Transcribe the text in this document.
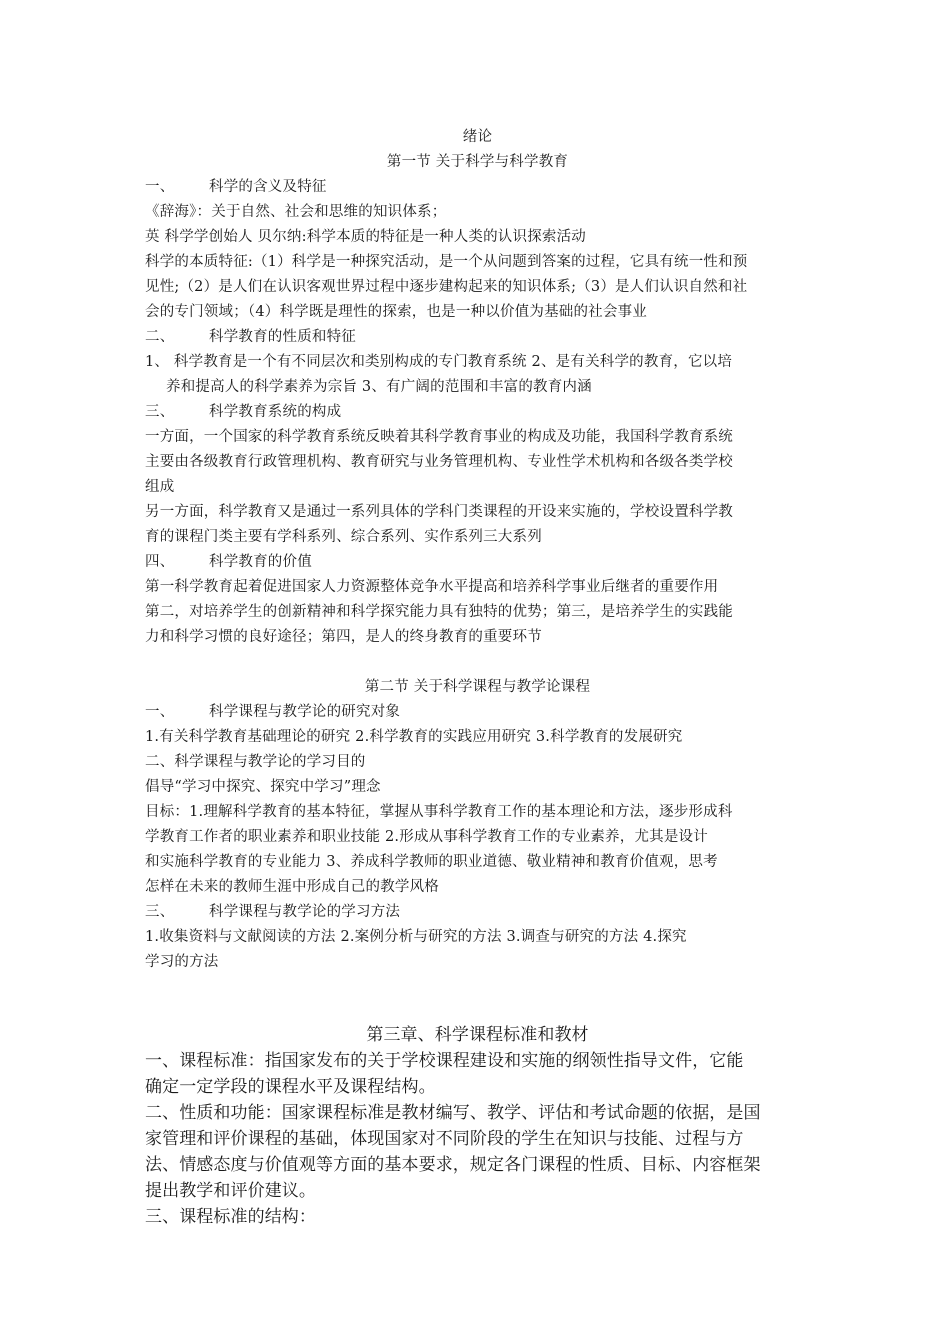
绪论
第一节 关于科学与科学教育
一、 科学的含义及特征
《辞海》：关于自然、社会和思维的知识体系；
英 科学学创始人 贝尔纳:科学本质的特征是一种人类的认识探索活动
科学的本质特征:（1）科学是一种探究活动，是一个从问题到答案的过程，它具有统一性和预
见性;（2）是人们在认识客观世界过程中逐步建构起来的知识体系;（3）是人们认识自然和社
会的专门领域；（4）科学既是理性的探索，也是一种以价值为基础的社会事业
二、 科学教育的性质和特征
1、 科学教育是一个有不同层次和类别构成的专门教育系统 2、是有关科学的教育，它以培
养和提高人的科学素养为宗旨 3、有广阔的范围和丰富的教育内涵
三、 科学教育系统的构成
一方面，一个国家的科学教育系统反映着其科学教育事业的构成及功能，我国科学教育系统
主要由各级教育行政管理机构、教育研究与业务管理机构、专业性学术机构和各级各类学校
组成
另一方面，科学教育又是通过一系列具体的学科门类课程的开设来实施的，学校设置科学教
育的课程门类主要有学科系列、综合系列、实作系列三大系列
四、 科学教育的价值
第一科学教育起着促进国家人力资源整体竞争水平提高和培养科学事业后继者的重要作用
第二，对培养学生的创新精神和科学探究能力具有独特的优势；第三，是培养学生的实践能
力和科学习惯的良好途径；第四，是人的终身教育的重要环节
第二节 关于科学课程与教学论课程
一、 科学课程与教学论的研究对象
1.有关科学教育基础理论的研究 2.科学教育的实践应用研究 3.科学教育的发展研究
二、科学课程与教学论的学习目的
倡导“学习中探究、探究中学习”理念
目标：1.理解科学教育的基本特征，掌握从事科学教育工作的基本理论和方法，逐步形成科
学教育工作者的职业素养和职业技能 2.形成从事科学教育工作的专业素养，尤其是设计
和实施科学教育的专业能力 3、养成科学教师的职业道德、敬业精神和教育价值观，思考
怎样在未来的教师生涯中形成自己的教学风格
三、 科学课程与教学论的学习方法
1.收集资料与文献阅读的方法 2.案例分析与研究的方法 3.调查与研究的方法 4.探究
学习的方法
第三章、科学课程标准和教材
一、课程标准：指国家发布的关于学校课程建设和实施的纲领性指导文件，它能
确定一定学段的课程水平及课程结构。
二、性质和功能：国家课程标准是教材编写、教学、评估和考试命题的依据，是国
家管理和评价课程的基础，体现国家对不同阶段的学生在知识与技能、过程与方
法、情感态度与价值观等方面的基本要求，规定各门课程的性质、目标、内容框架
提出教学和评价建议。
三、课程标准的结构：
